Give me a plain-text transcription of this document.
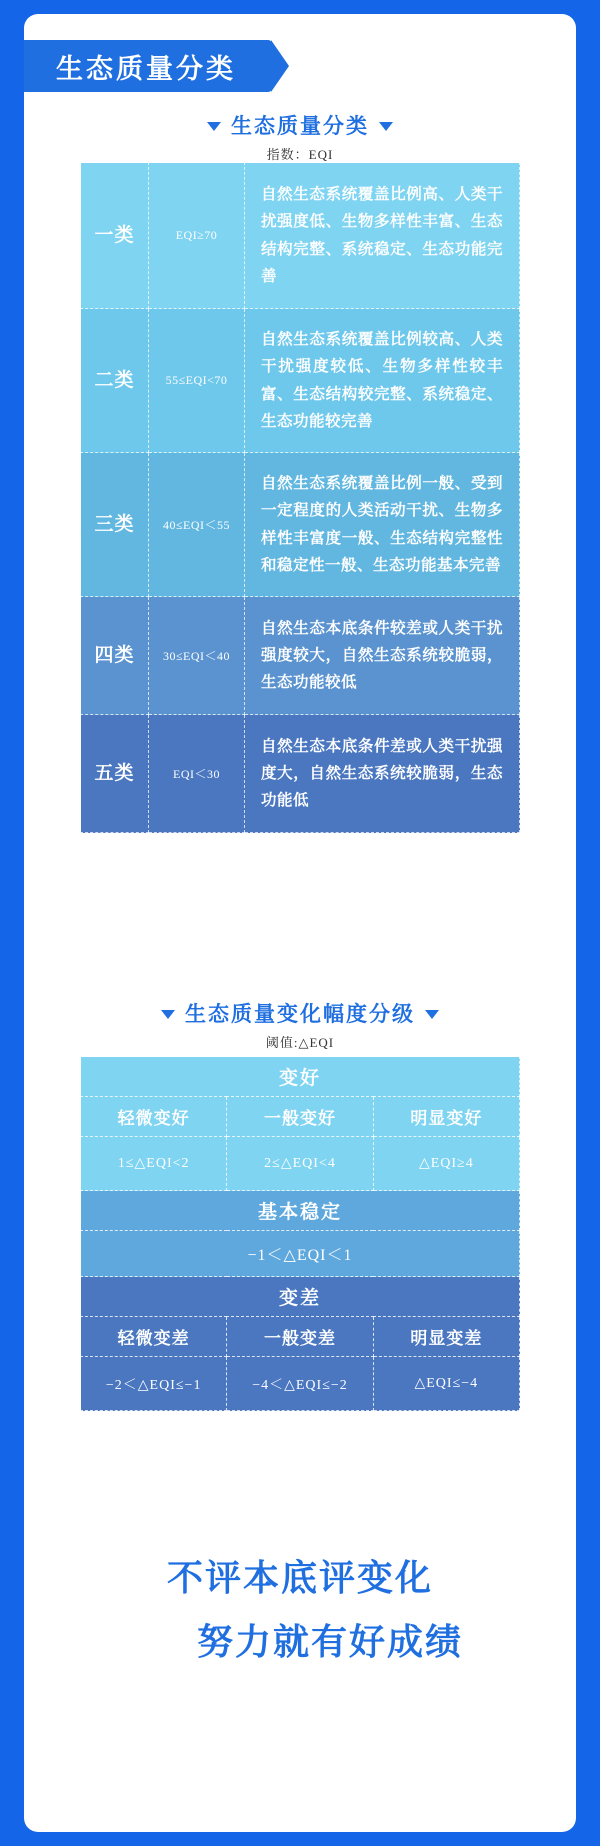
生态质量分类
生态质量分类
指数：EQI
一类	EQI≥70	自然生态系统覆盖比例高、人类干扰强度低、生物多样性丰富、生态结构完整、系统稳定、生态功能完善
二类	55≤EQI<70	自然生态系统覆盖比例较高、人类干扰强度较低、生物多样性较丰富、生态结构较完整、系统稳定、生态功能较完善
三类	40≤EQI＜55	自然生态系统覆盖比例一般、受到一定程度的人类活动干扰、生物多样性丰富度一般、生态结构完整性和稳定性一般、生态功能基本完善
四类	30≤EQI＜40	自然生态本底条件较差或人类干扰强度较大，自然生态系统较脆弱，生态功能较低
五类	EQI＜30	自然生态本底条件差或人类干扰强度大，自然生态系统较脆弱，生态功能低
生态质量变化幅度分级
阈值:△EQI
变好		
轻微变好	一般变好	明显变好
1≤△EQI<2	2≤△EQI<4	△EQI≥4
基本稳定		
−1＜△EQI＜1		
变差		
轻微变差	一般变差	明显变差
−2＜△EQI≤−1	−4＜△EQI≤−2	△EQI≤−4
不评本底评变化
努力就有好成绩
